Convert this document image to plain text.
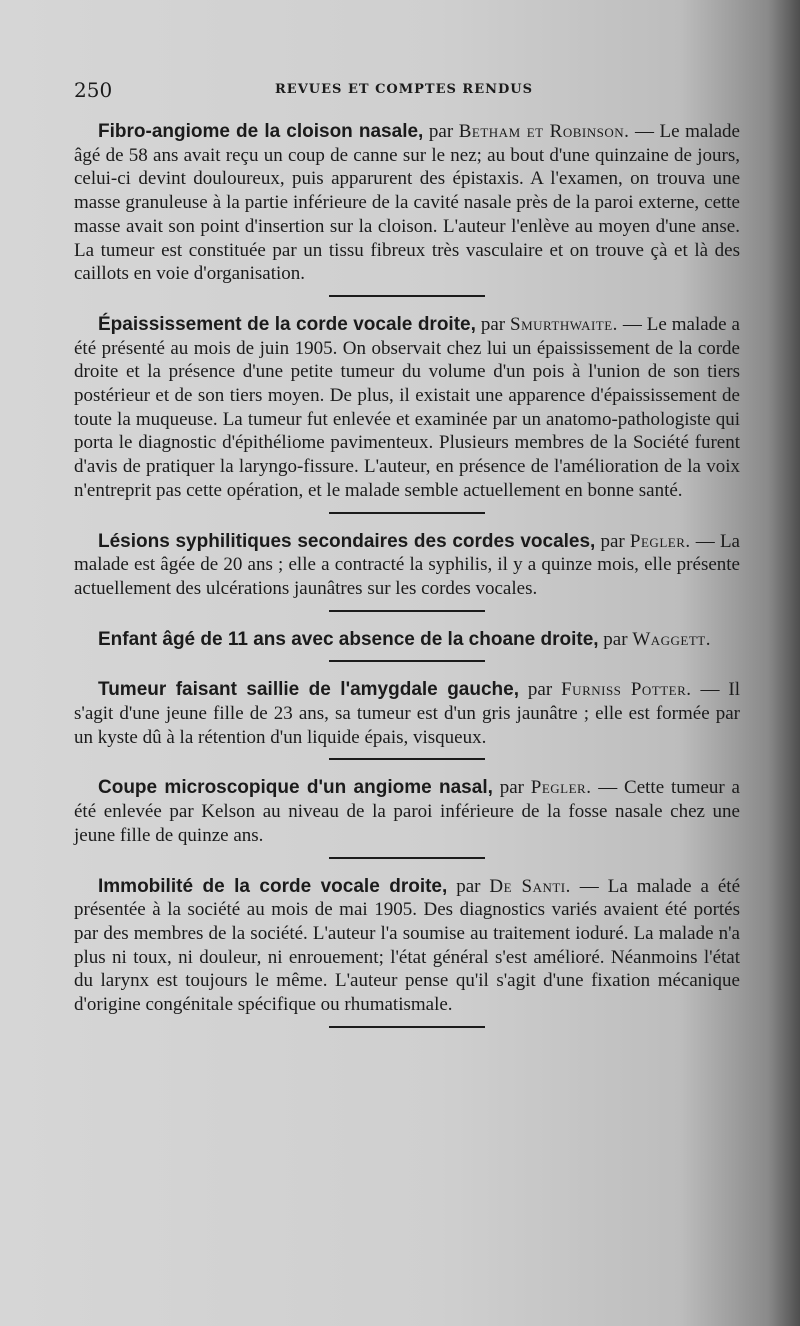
250	REVUES ET COMPTES RENDUS

Fibro-angiome de la cloison nasale, par Betham et Robinson. — Le malade âgé de 58 ans avait reçu un coup de canne sur le nez; au bout d'une quinzaine de jours, celui-ci devint douloureux, puis apparurent des épistaxis. A l'examen, on trouva une masse granuleuse à la partie inférieure de la cavité nasale près de la paroi externe, cette masse avait son point d'insertion sur la cloison. L'auteur l'enlève au moyen d'une anse. La tumeur est constituée par un tissu fibreux très vasculaire et on trouve çà et là des caillots en voie d'organisation.

Épaississement de la corde vocale droite, par Smurthwaite. — Le malade a été présenté au mois de juin 1905. On observait chez lui un épaississement de la corde droite et la présence d'une petite tumeur du volume d'un pois à l'union de son tiers postérieur et de son tiers moyen. De plus, il existait une apparence d'épaississement de toute la muqueuse. La tumeur fut enlevée et examinée par un anatomo-pathologiste qui porta le diagnostic d'épithéliome pavimenteux. Plusieurs membres de la Société furent d'avis de pratiquer la laryngo-fissure. L'auteur, en présence de l'amélioration de la voix n'entreprit pas cette opération, et le malade semble actuellement en bonne santé.

Lésions syphilitiques secondaires des cordes vocales, par Pegler. — La malade est âgée de 20 ans ; elle a contracté la syphilis, il y a quinze mois, elle présente actuellement des ulcérations jaunâtres sur les cordes vocales.

Enfant âgé de 11 ans avec absence de la choane droite, par Waggett.

Tumeur faisant saillie de l'amygdale gauche, par Furniss Potter. — Il s'agit d'une jeune fille de 23 ans, sa tumeur est d'un gris jaunâtre ; elle est formée par un kyste dû à la rétention d'un liquide épais, visqueux.

Coupe microscopique d'un angiome nasal, par Pegler. — Cette tumeur a été enlevée par Kelson au niveau de la paroi inférieure de la fosse nasale chez une jeune fille de quinze ans.

Immobilité de la corde vocale droite, par De Santi. — La malade a été présentée à la société au mois de mai 1905. Des diagnostics variés avaient été portés par des membres de la société. L'auteur l'a soumise au traitement ioduré. La malade n'a plus ni toux, ni douleur, ni enrouement; l'état général s'est amélioré. Néanmoins l'état du larynx est toujours le même. L'auteur pense qu'il s'agit d'une fixation mécanique d'origine congénitale spécifique ou rhumatismale.
